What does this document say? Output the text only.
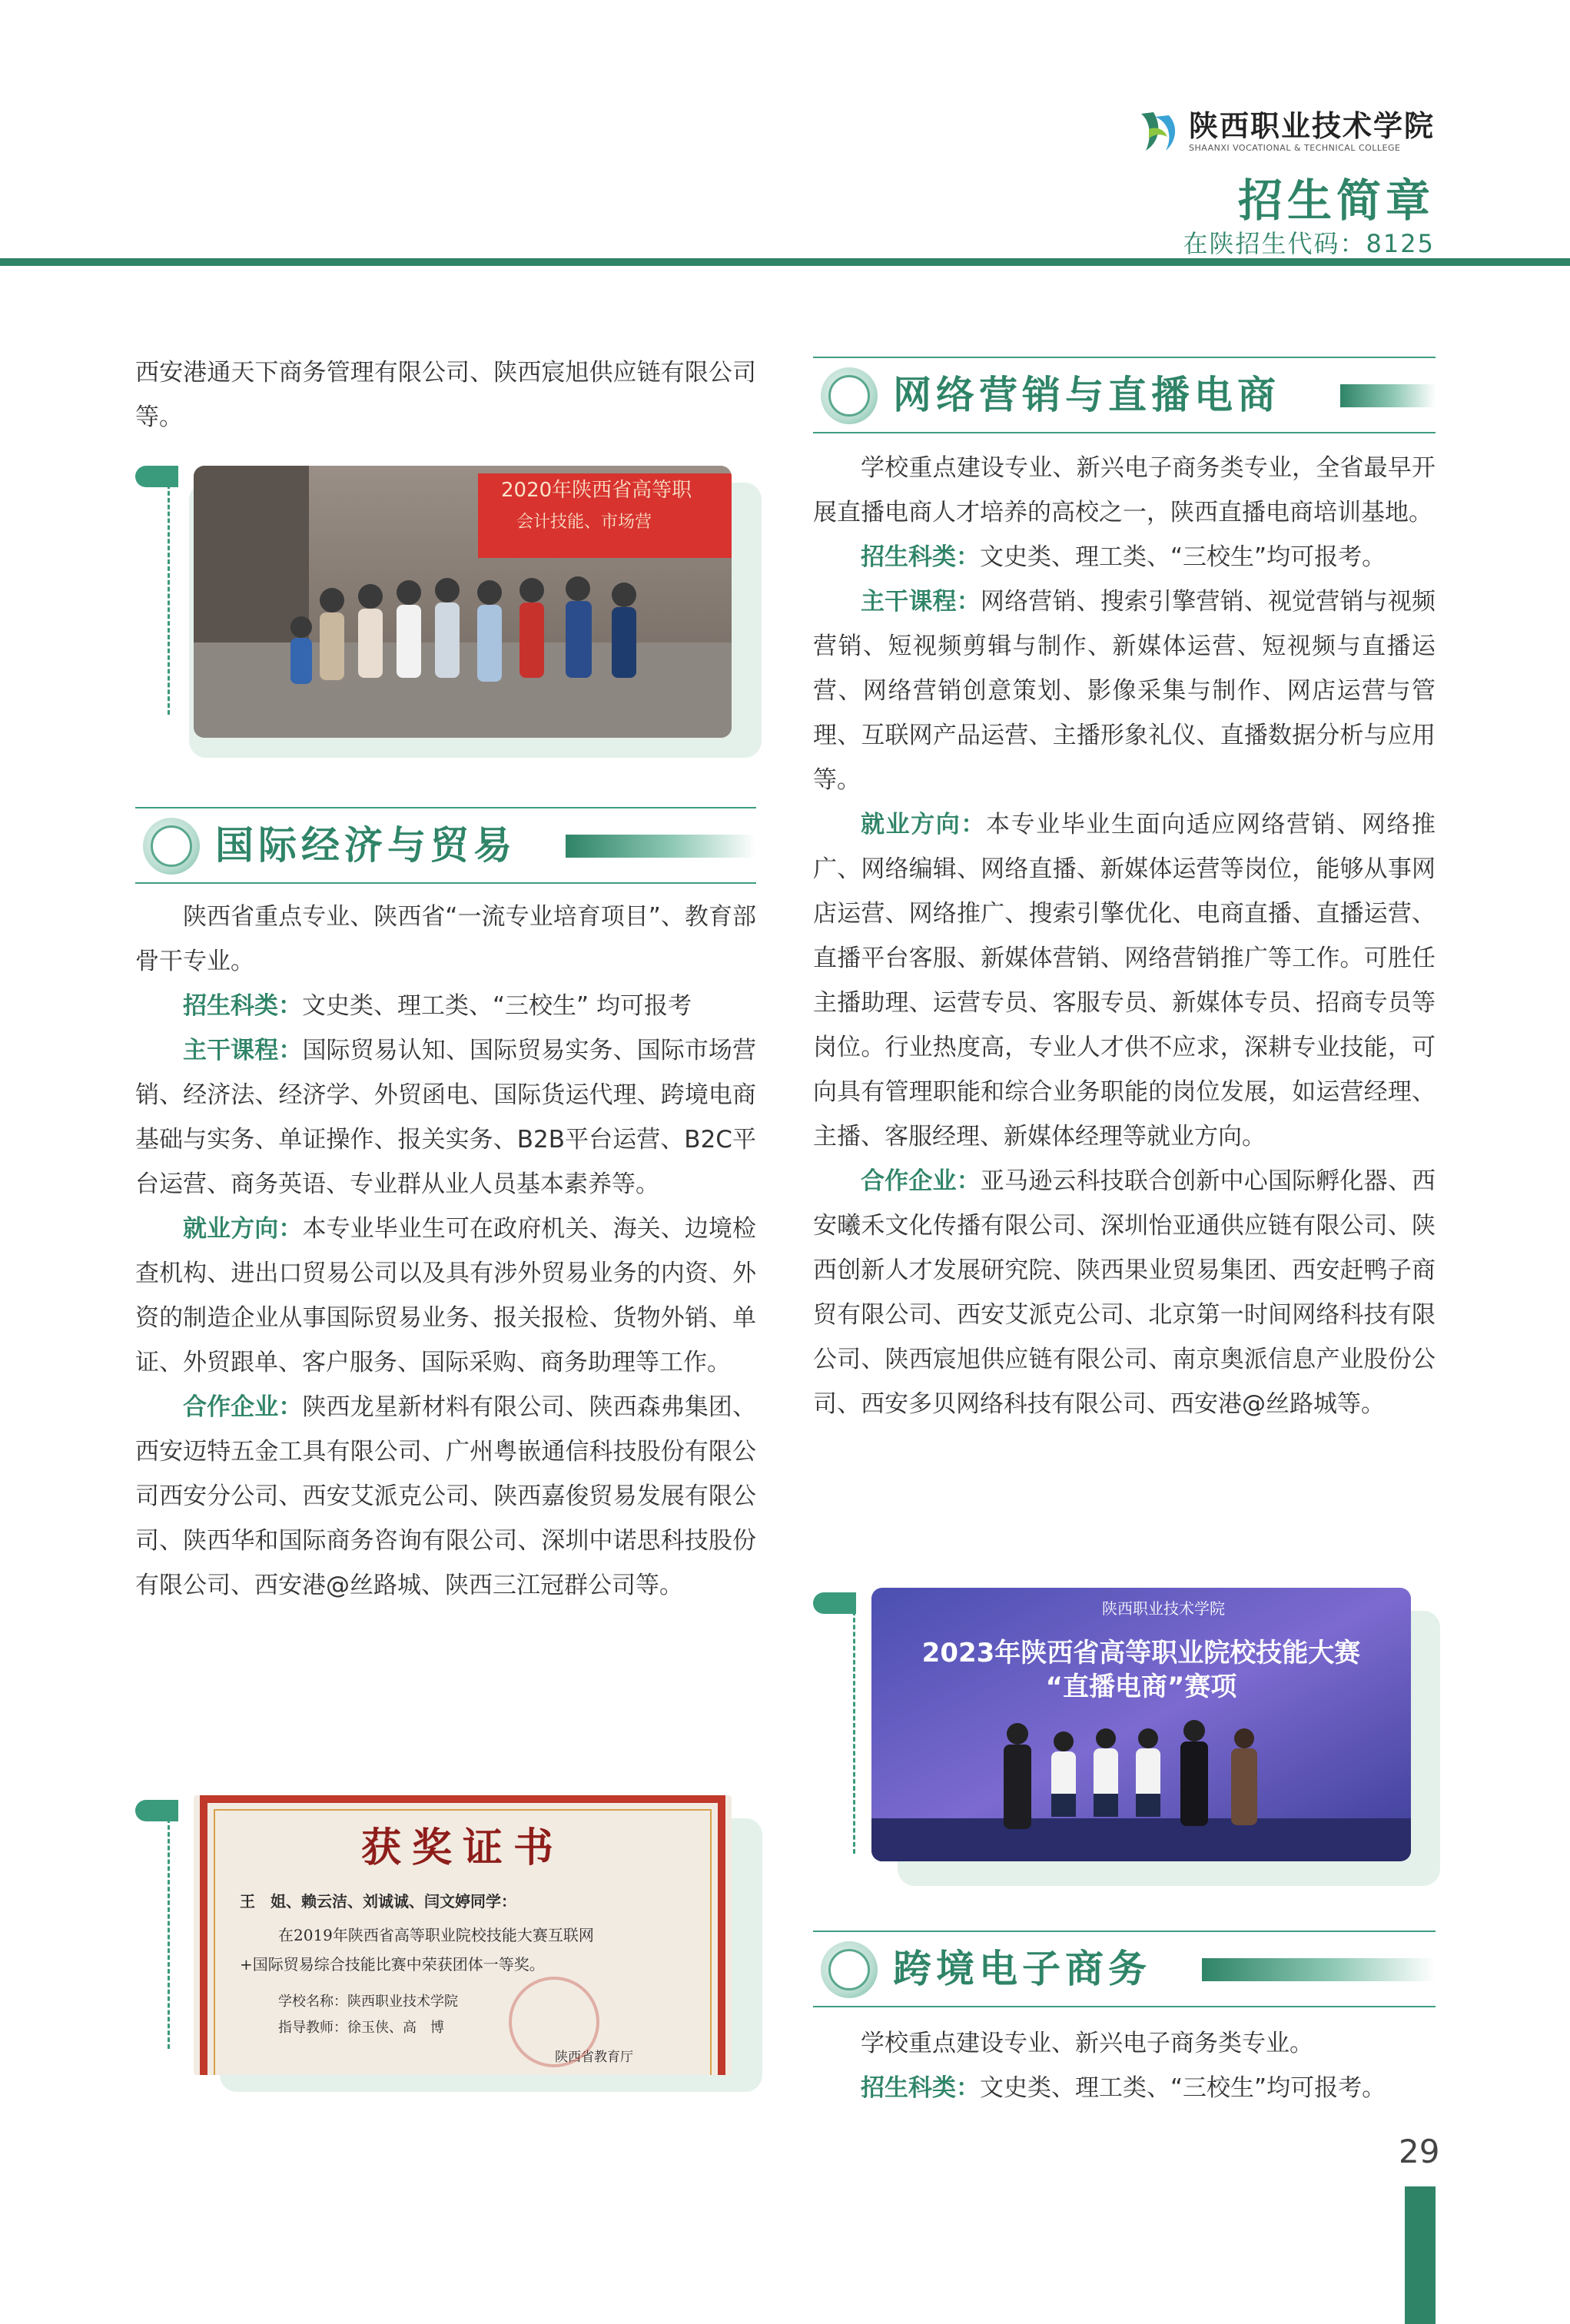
陕西职业技术学院
SHAANXI VOCATIONAL & TECHNICAL COLLEGE
招生简章
在陕招生代码：8125

西安港通天下商务管理有限公司、陕西宸旭供应链有限公司等。

2020年陕西省高等职
会计技能、市场营
国际经济与贸易

陕西省重点专业、陕西省“一流专业培育项目”、教育部骨干专业。

招生科类：文史类、理工类、“三校生” 均可报考

主干课程：国际贸易认知、国际贸易实务、国际市场营销、经济法、经济学、外贸函电、国际货运代理、跨境电商基础与实务、单证操作、报关实务、B2B平台运营、B2C平台运营、商务英语、专业群从业人员基本素养等。

就业方向：本专业毕业生可在政府机关、海关、边境检查机构、进出口贸易公司以及具有涉外贸易业务的内资、外资的制造企业从事国际贸易业务、报关报检、货物外销、单证、外贸跟单、客户服务、国际采购、商务助理等工作。

合作企业：陕西龙星新材料有限公司、陕西森弗集团、西安迈特五金工具有限公司、广州粤嵌通信科技股份有限公司西安分公司、西安艾派克公司、陕西嘉俊贸易发展有限公司、陕西华和国际商务咨询有限公司、深圳中诺思科技股份有限公司、西安港@丝路城、陕西三江冠群公司等。

获奖证书
王　姐、赖云洁、刘诚诚、闫文婷同学：
在2019年陕西省高等职业院校技能大赛互联网
+国际贸易综合技能比赛中荣获团体一等奖。
学校名称：陕西职业技术学院
指导教师：徐玉侠、高　博
陕西省教育厅
网络营销与直播电商

学校重点建设专业、新兴电子商务类专业，全省最早开展直播电商人才培养的高校之一，陕西直播电商培训基地。

招生科类：文史类、理工类、“三校生”均可报考。

主干课程：网络营销、搜索引擎营销、视觉营销与视频营销、短视频剪辑与制作、新媒体运营、短视频与直播运营、网络营销创意策划、影像采集与制作、网店运营与管理、互联网产品运营、主播形象礼仪、直播数据分析与应用等。

就业方向：本专业毕业生面向适应网络营销、网络推广、网络编辑、网络直播、新媒体运营等岗位，能够从事网店运营、网络推广、搜索引擎优化、电商直播、直播运营、直播平台客服、新媒体营销、网络营销推广等工作。可胜任主播助理、运营专员、客服专员、新媒体专员、招商专员等岗位。行业热度高，专业人才供不应求，深耕专业技能，可向具有管理职能和综合业务职能的岗位发展，如运营经理、主播、客服经理、新媒体经理等就业方向。

合作企业：亚马逊云科技联合创新中心国际孵化器、西安曦禾文化传播有限公司、深圳怡亚通供应链有限公司、陕西创新人才发展研究院、陕西果业贸易集团、西安赶鸭子商贸有限公司、西安艾派克公司、北京第一时间网络科技有限公司、陕西宸旭供应链有限公司、南京奥派信息产业股份公司、西安多贝网络科技有限公司、西安港@丝路城等。

陕西职业技术学院
2023年陕西省高等职业院校技能大赛
“直播电商”赛项
跨境电子商务

学校重点建设专业、新兴电子商务类专业。

招生科类：文史类、理工类、“三校生”均可报考。

29
